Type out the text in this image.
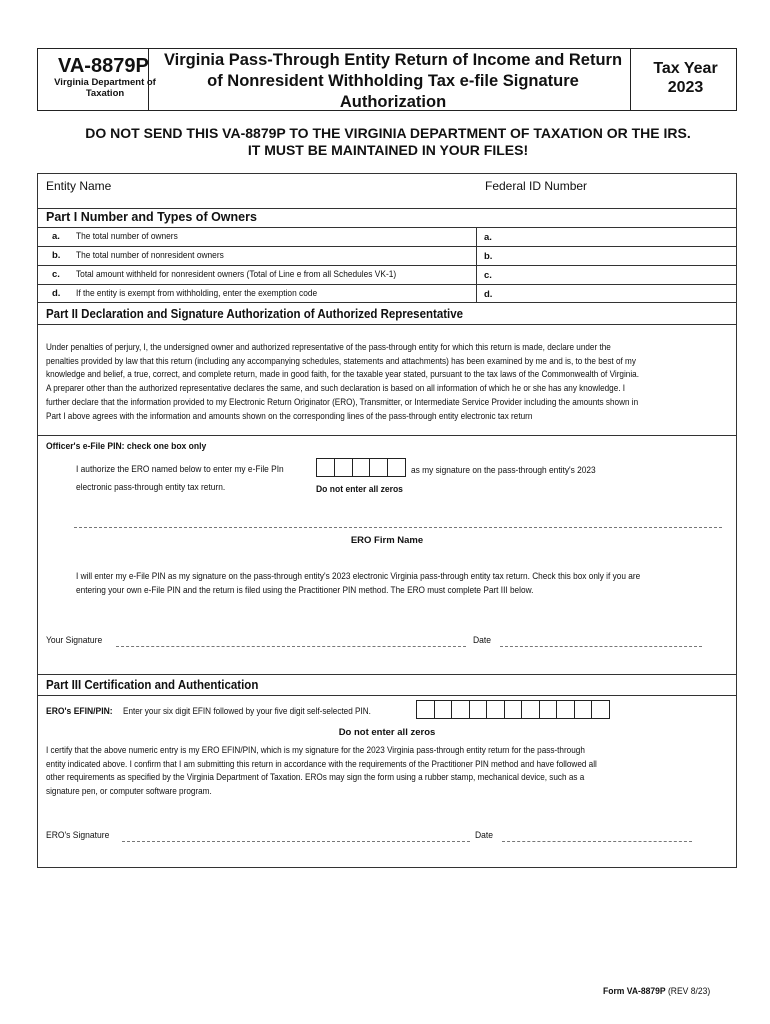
VA-8879P
Virginia Department of Taxation
Virginia Pass-Through Entity Return of Income and Return of Nonresident Withholding Tax e-file Signature Authorization
Tax Year
2023
DO NOT SEND THIS VA-8879P TO THE VIRGINIA DEPARTMENT OF TAXATION OR THE IRS.
IT MUST BE MAINTAINED IN YOUR FILES!
Entity Name	Federal ID Number
Part I Number and Types of Owners
a. The total number of owners	a.
b. The total number of nonresident owners	b.
c. Total amount withheld for nonresident owners (Total of Line e from all Schedules VK-1)	c.
d. If the entity is exempt from withholding, enter the exemption code	d.
Part II Declaration and Signature Authorization of Authorized Representative
Under penalties of perjury, I, the undersigned owner and authorized representative of the pass-through entity for which this return is made, declare under the
penalties provided by law that this return (including any accompanying schedules, statements and attachments) has been examined by me and is, to the best of my
knowledge and belief, a true, correct, and complete return, made in good faith, for the taxable year stated, pursuant to the tax laws of the Commonwealth of Virginia.
A preparer other than the authorized representative declares the same, and such declaration is based on all information of which he or she has any knowledge. I
further declare that the information provided to my Electronic Return Originator (ERO), Transmitter, or Intermediate Service Provider including the amounts shown in
Part I above agrees with the information and amounts shown on the corresponding lines of the pass-through entity electronic tax return
Officer's e-File PIN: check one box only
I authorize the ERO named below to enter my e-File PIn
electronic pass-through entity tax return.
as my signature on the pass-through entity's 2023
Do not enter all zeros
ERO Firm Name
I will enter my e-File PIN as my signature on the pass-through entity's 2023 electronic Virginia pass-through entity tax return. Check this box only if you are
entering your own e-File PIN and the return is filed using the Practitioner PIN method. The ERO must complete Part III below.
Your Signature	Date
Part III Certification and Authentication
ERO's EFIN/PIN: Enter your six digit EFIN followed by your five digit self-selected PIN.
Do not enter all zeros
I certify that the above numeric entry is my ERO EFIN/PIN, which is my signature for the 2023 Virginia pass-through entity return for the pass-through
entity indicated above. I confirm that I am submitting this return in accordance with the requirements of the Practitioner PIN method and have followed all
other requirements as specified by the Virginia Department of Taxation. EROs may sign the form using a rubber stamp, mechanical device, such as a
signature pen, or computer software program.
ERO's Signature	Date
Form VA-8879P (REV 8/23)
